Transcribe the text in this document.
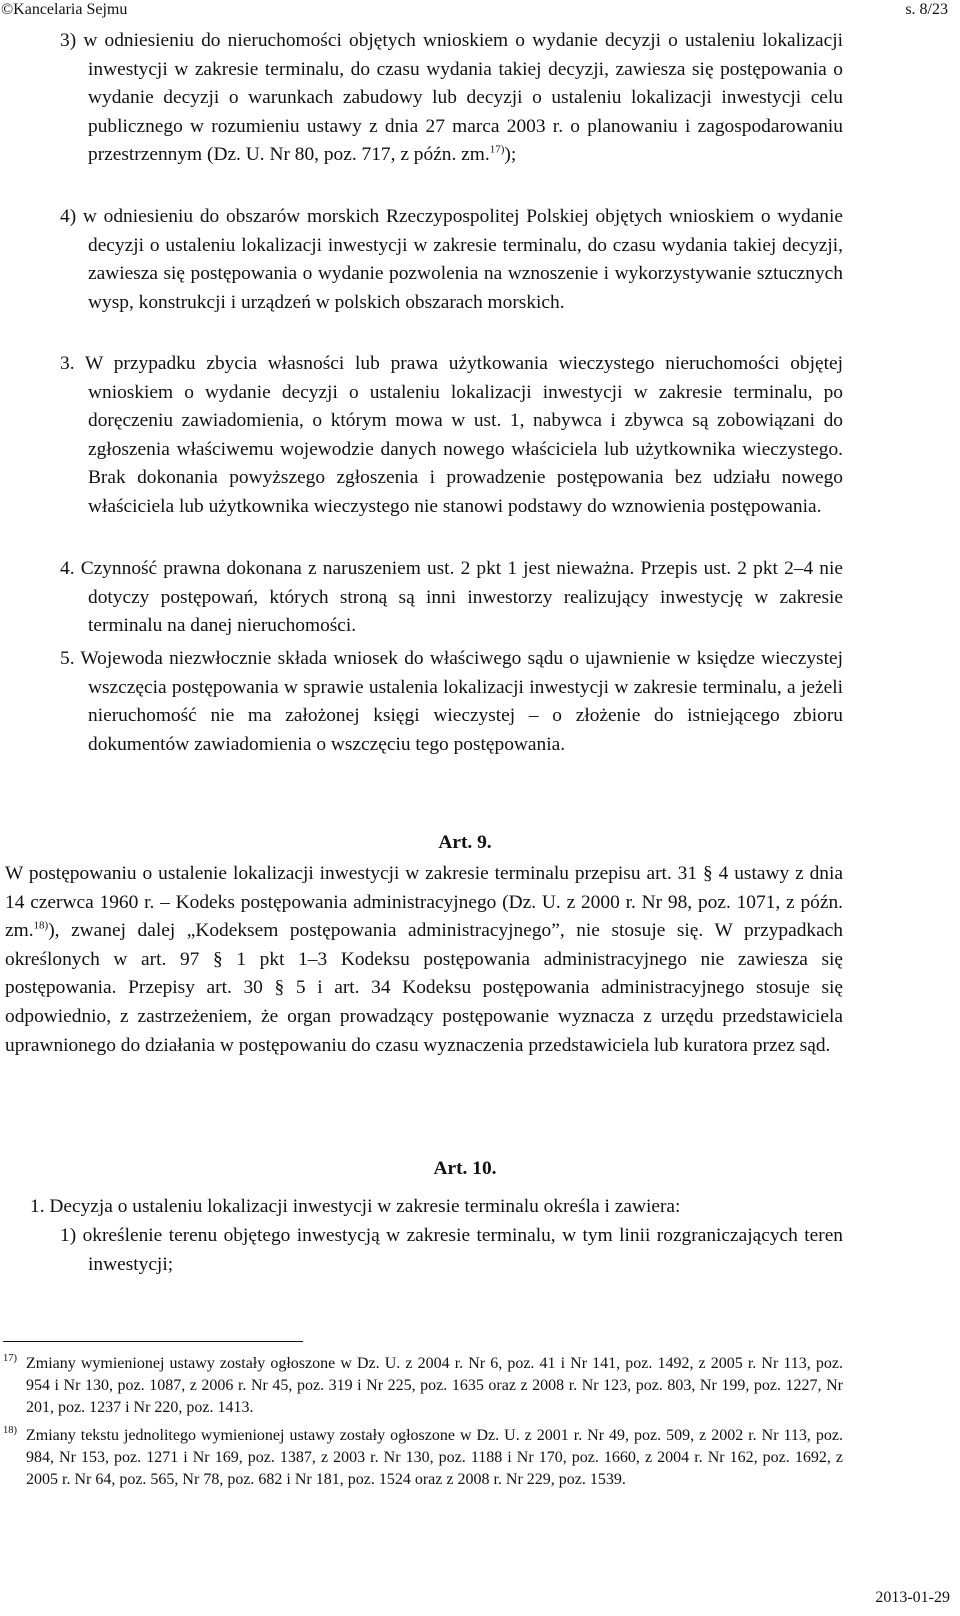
©Kancelaria Sejmu	s. 8/23

3) w odniesieniu do nieruchomości objętych wnioskiem o wydanie decyzji o ustaleniu lokalizacji inwestycji w zakresie terminalu, do czasu wydania takiej decyzji, zawiesza się postępowania o wydanie decyzji o warunkach zabudowy lub decyzji o ustaleniu lokalizacji inwestycji celu publicznego w rozumieniu ustawy z dnia 27 marca 2003 r. o planowaniu i zagospodarowaniu przestrzennym (Dz. U. Nr 80, poz. 717, z późn. zm.$^{17)}$);

4) w odniesieniu do obszarów morskich Rzeczypospolitej Polskiej objętych wnioskiem o wydanie decyzji o ustaleniu lokalizacji inwestycji w zakresie terminalu, do czasu wydania takiej decyzji, zawiesza się postępowania o wydanie pozwolenia na wznoszenie i wykorzystywanie sztucznych wysp, konstrukcji i urządzeń w polskich obszarach morskich.

3. W przypadku zbycia własności lub prawa użytkowania wieczystego nieruchomości objętej wnioskiem o wydanie decyzji o ustaleniu lokalizacji inwestycji w zakresie terminalu, po doręczeniu zawiadomienia, o którym mowa w ust. 1, nabywca i zbywca są zobowiązani do zgłoszenia właściwemu wojewodzie danych nowego właściciela lub użytkownika wieczystego. Brak dokonania powyższego zgłoszenia i prowadzenie postępowania bez udziału nowego właściciela lub użytkownika wieczystego nie stanowi podstawy do wznowienia postępowania.

4. Czynność prawna dokonana z naruszeniem ust. 2 pkt 1 jest nieważna. Przepis ust. 2 pkt 2–4 nie dotyczy postępowań, których stroną są inni inwestorzy realizujący inwestycję w zakresie terminalu na danej nieruchomości.

5. Wojewoda niezwłocznie składa wniosek do właściwego sądu o ujawnienie w księdze wieczystej wszczęcia postępowania w sprawie ustalenia lokalizacji inwestycji w zakresie terminalu, a jeżeli nieruchomość nie ma założonej księgi wieczystej – o złożenie do istniejącego zbioru dokumentów zawiadomienia o wszczęciu tego postępowania.

Art. 9.

W postępowaniu o ustalenie lokalizacji inwestycji w zakresie terminalu przepisu art. 31 § 4 ustawy z dnia 14 czerwca 1960 r. – Kodeks postępowania administracyjnego (Dz. U. z 2000 r. Nr 98, poz. 1071, z późn. zm.$^{18)}$), zwanej dalej „Kodeksem postępowania administracyjnego”, nie stosuje się. W przypadkach określonych w art. 97 § 1 pkt 1–3 Kodeksu postępowania administracyjnego nie zawiesza się postępowania. Przepisy art. 30 § 5 i art. 34 Kodeksu postępowania administracyjnego stosuje się odpowiednio, z zastrzeżeniem, że organ prowadzący postępowanie wyznacza z urzędu przedstawiciela uprawnionego do działania w postępowaniu do czasu wyznaczenia przedstawiciela lub kuratora przez sąd.

Art. 10.

1. Decyzja o ustaleniu lokalizacji inwestycji w zakresie terminalu określa i zawiera:

1) określenie terenu objętego inwestycją w zakresie terminalu, w tym linii rozgraniczających teren inwestycji;

17) Zmiany wymienionej ustawy zostały ogłoszone w Dz. U. z 2004 r. Nr 6, poz. 41 i Nr 141, poz. 1492, z 2005 r. Nr 113, poz. 954 i Nr 130, poz. 1087, z 2006 r. Nr 45, poz. 319 i Nr 225, poz. 1635 oraz z 2008 r. Nr 123, poz. 803, Nr 199, poz. 1227, Nr 201, poz. 1237 i Nr 220, poz. 1413.
18) Zmiany tekstu jednolitego wymienionej ustawy zostały ogłoszone w Dz. U. z 2001 r. Nr 49, poz. 509, z 2002 r. Nr 113, poz. 984, Nr 153, poz. 1271 i Nr 169, poz. 1387, z 2003 r. Nr 130, poz. 1188 i Nr 170, poz. 1660, z 2004 r. Nr 162, poz. 1692, z 2005 r. Nr 64, poz. 565, Nr 78, poz. 682 i Nr 181, poz. 1524 oraz z 2008 r. Nr 229, poz. 1539.
2013-01-29
